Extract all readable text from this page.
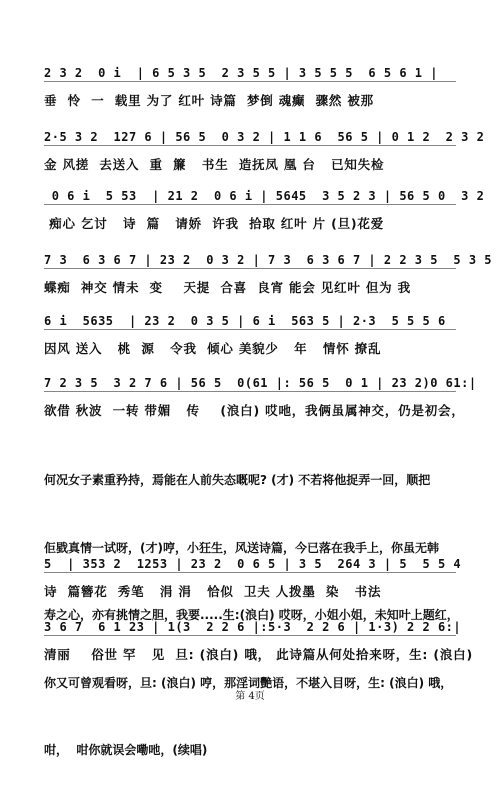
2 3 2  0 i  | 6 5 3 5  2 3 5 5 | 3 5 5 5  6 5 6 1 |
垂  怜  一  载里 为了 红叶 诗篇  梦倒 魂癫  骤然 被那
2·5 3 2  127 6 | 56 5  0 3 2 | 1 1 6  56 5 | 0 1 2  2 3 2
金 风搓  去送入  重  簾   书生  造抚凤 凰 台   已知失检
0 6 i  5 53  | 21 2  0 6 i | 5645  3 5 2 3 | 56 5 0  3 2
痴心 乞讨   诗  篇   请娇  许我  拾取 红叶 片 (旦)花爱
7 3  6 3 6 7 | 23 2  0 3 2 | 7 3  6 3 6 7 | 2 2 3 5  5 3 5
蝶痴  神交 情未  变    天提  合喜  良宵 能会 见红叶 但为 我
6 i  5635  | 23 2  0 3 5 | 6 i  563 5 | 2·3  5 5 5 6
因风 送入   桃  源   令我  倾心 美貌少   年   情怀 撩乱
7 2 3 5  3 2 7 6 | 56 5  0(61 |: 56 5  0 1 | 23 2)0 61:|
欲借 秋波  一转 带媚   传    (浪白) 哎吔，我俩虽属神交，仍是初会，

何况女子素重矜持，焉能在人前失态嘅呢? (才) 不若将他捉弄一回，顺把

佢戥真情一试呀，(才)哼，小狂生，风送诗篇，今已落在我手上，你虽无韩

寿之心，亦有挑情之胆，我要.....生:(浪白) 哎呀，小姐小姐，未知叶上题红，

你又可曾观看呀，旦: (浪白) 哼，那淫词艷语，不堪入目呀，生: (浪白) 哦，

咁，  咁你就误会嘞吔，(续唱)

5  | 353 2  1253 | 23 2  0 6 5 | 3 5  264 3 | 5  5 5 4
诗  篇簪花  秀笔   涓 涓   恰似  卫夫 人拨墨  染   书法
3 6 7  6 1 23 | 1(3  2 2 6 |:5·3  2 2 6 | 1·3) 2 2 6:|
清丽    俗世 罕   见  旦: (浪白) 哦， 此诗篇从何处拾来呀，生: (浪白)
第 4页
